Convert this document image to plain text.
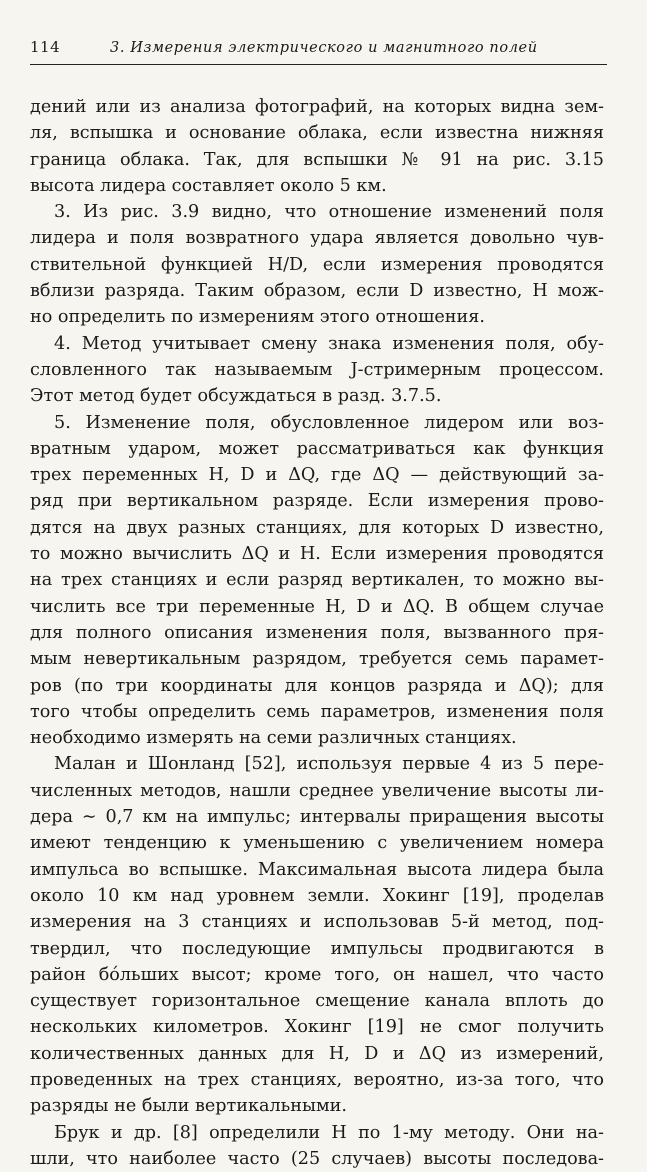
114	3. Измерения электрического и магнитного полей
дений или из анализа фотографий, на которых видна зем-
ля, вспышка и основание облака, если известна нижняя
граница облака. Так, для вспышки № 91 на рис. 3.15
высота лидера составляет около 5 км.
3. Из рис. 3.9 видно, что отношение изменений поля
лидера и поля возвратного удара является довольно чув-
ствительной функцией H/D, если измерения проводятся
вблизи разряда. Таким образом, если D известно, H мож-
но определить по измерениям этого отношения.
4. Метод учитывает смену знака изменения поля, обу-
словленного так называемым J-стримерным процессом.
Этот метод будет обсуждаться в разд. 3.7.5.
5. Изменение поля, обусловленное лидером или воз-
вратным ударом, может рассматриваться как функция
трех переменных H, D и ΔQ, где ΔQ — действующий за-
ряд при вертикальном разряде. Если измерения прово-
дятся на двух разных станциях, для которых D известно,
то можно вычислить ΔQ и H. Если измерения проводятся
на трех станциях и если разряд вертикален, то можно вы-
числить все три переменные H, D и ΔQ. В общем случае
для полного описания изменения поля, вызванного пря-
мым невертикальным разрядом, требуется семь парамет-
ров (по три координаты для концов разряда и ΔQ); для
того чтобы определить семь параметров, изменения поля
необходимо измерять на семи различных станциях.
Малан и Шонланд [52], используя первые 4 из 5 пере-
численных методов, нашли среднее увеличение высоты ли-
дера ∼ 0,7 км на импульс; интервалы приращения высоты
имеют тенденцию к уменьшению с увеличением номера
импульса во вспышке. Максимальная высота лидера была
около 10 км над уровнем земли. Хокинг [19], проделав
измерения на 3 станциях и использовав 5-й метод, под-
твердил, что последующие импульсы продвигаются в
район бóльших высот; кроме того, он нашел, что часто
существует горизонтальное смещение канала вплоть до
нескольких километров. Хокинг [19] не смог получить
количественных данных для H, D и ΔQ из измерений,
проведенных на трех станциях, вероятно, из-за того, что
разряды не были вертикальными.
Брук и др. [8] определили H по 1-му методу. Они на-
шли, что наиболее часто (25 случаев) высоты последова-
